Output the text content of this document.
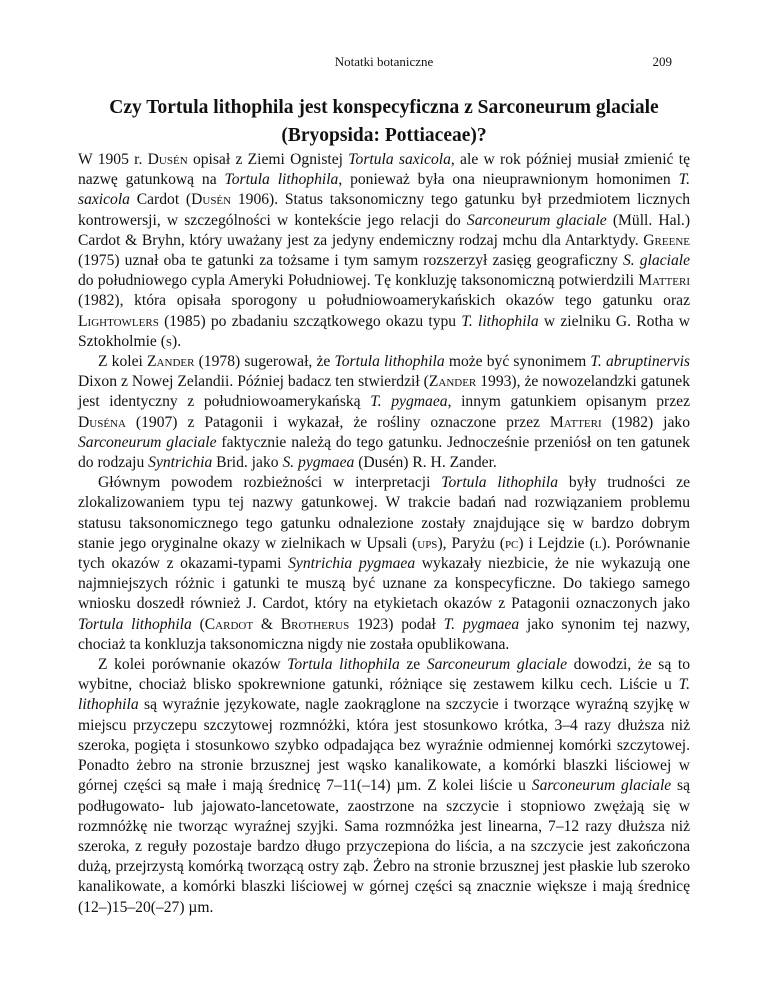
Notatki botaniczne	209
Czy Tortula lithophila jest konspecyficzna z Sarconeurum glaciale
(Bryopsida: Pottiaceae)?

W 1905 r. Dusén opisał z Ziemi Ognistej Tortula saxicola, ale w rok później musiał zmienić tę nazwę gatunkową na Tortula lithophila, ponieważ była ona nieuprawnionym homonimen T. saxicola Cardot (Dusén 1906). Status taksonomiczny tego gatunku był przedmiotem licznych kontrowersji, w szczególności w kontekście jego relacji do Sarconeurum glaciale (Müll. Hal.) Cardot & Bryhn, który uważany jest za jedyny endemiczny rodzaj mchu dla Antarktydy. Greene (1975) uznał oba te gatunki za tożsame i tym samym rozszerzył zasięg geograficzny S. glaciale do południowego cypla Ameryki Południowej. Tę konkluzję taksonomiczną potwierdzili Matteri (1982), która opisała sporogony u południowoamerykańskich okazów tego gatunku oraz Lightowlers (1985) po zbadaniu szczątkowego okazu typu T. lithophila w zielniku G. Rotha w Sztokholmie (s).

Z kolei Zander (1978) sugerował, że Tortula lithophila może być synonimem T. abruptinervis Dixon z Nowej Zelandii. Później badacz ten stwierdził (Zander 1993), że nowozelandzki gatunek jest identyczny z południowoamerykańską T. pygmaea, innym gatunkiem opisanym przez Dusénа (1907) z Patagonii i wykazał, że rośliny oznaczone przez Matteri (1982) jako Sarconeurum glaciale faktycznie należą do tego gatunku. Jednocześnie przeniósł on ten gatunek do rodzaju Syntrichia Brid. jako S. pygmaea (Dusén) R. H. Zander.

Głównym powodem rozbieżności w interpretacji Tortula lithophila były trudności ze zlokalizowaniem typu tej nazwy gatunkowej. W trakcie badań nad rozwiązaniem problemu statusu taksonomicznego tego gatunku odnalezione zostały znajdujące się w bardzo dobrym stanie jego oryginalne okazy w zielnikach w Upsali (ups), Paryżu (pc) i Lejdzie (l). Porównanie tych okazów z okazami-typami Syntrichia pygmaea wykazały niezbicie, że nie wykazują one najmniejszych różnic i gatunki te muszą być uznane za konspecyficzne. Do takiego samego wniosku doszedł również J. Cardot, który na etykietach okazów z Patagonii oznaczonych jako Tortula lithophila (Cardot & Brotherus 1923) podał T. pygmaea jako synonim tej nazwy, chociaż ta konkluzja taksonomiczna nigdy nie została opublikowana.

Z kolei porównanie okazów Tortula lithophila ze Sarconeurum glaciale dowodzi, że są to wybitne, chociaż blisko spokrewnione gatunki, różniące się zestawem kilku cech. Liście u T. lithophila są wyraźnie językowate, nagle zaokrąglone na szczycie i tworzące wyraźną szyjkę w miejscu przyczepu szczytowej rozmnóżki, która jest stosunkowo krótka, 3–4 razy dłuższa niż szeroka, pogięta i stosunkowo szybko odpadająca bez wyraźnie odmiennej komórki szczytowej. Ponadto żebro na stronie brzusznej jest wąsko kanalikowate, a komórki blaszki liściowej w górnej części są małe i mają średnicę 7–11(–14) µm. Z kolei liście u Sarconeurum glaciale są podługowato- lub jajowato-lancetowate, zaostrzone na szczycie i stopniowo zwężają się w rozmnóżkę nie tworząc wyraźnej szyjki. Sama rozmnóżka jest linearna, 7–12 razy dłuższa niż szeroka, z reguły pozostaje bardzo długo przyczepiona do liścia, a na szczycie jest zakończona dużą, przejrzystą komórką tworzącą ostry ząb. Żebro na stronie brzusznej jest płaskie lub szeroko kanalikowate, a komórki blaszki liściowej w górnej części są znacznie większe i mają średnicę (12–)15–20(–27) µm.
